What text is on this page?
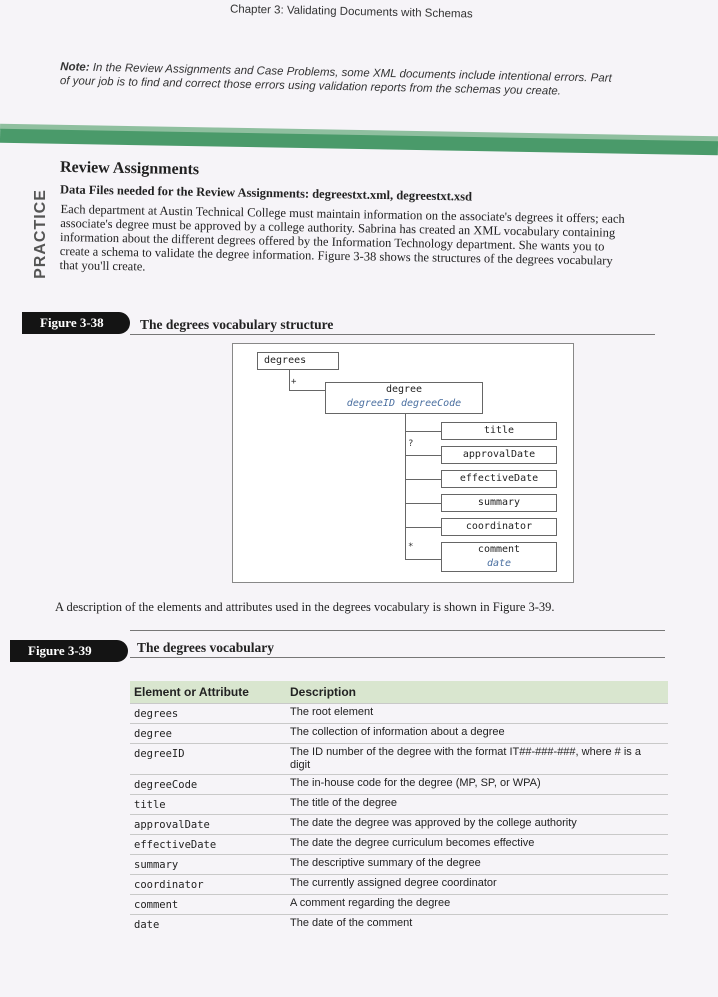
Chapter 3: Validating Documents with Schemas
Note: In the Review Assignments and Case Problems, some XML documents include intentional errors. Part of your job is to find and correct those errors using validation reports from the schemas you create.
PRACTICE
Review Assignments
Data Files needed for the Review Assignments: degreestxt.xml, degreestxt.xsd
Each department at Austin Technical College must maintain information on the associate's degrees it offers; each associate's degree must be approved by a college authority. Sabrina has created an XML vocabulary containing information about the different degrees offered by the Information Technology department. She wants you to create a schema to validate the degree information. Figure 3-38 shows the structures of the degrees vocabulary that you'll create.
Figure 3-38	The degrees vocabulary structure
degrees
+
degree
degreeID degreeCode
?
*
title
approvalDate
effectiveDate
summary
coordinator
comment
date
A description of the elements and attributes used in the degrees vocabulary is shown in Figure 3-39.
Figure 3-39	The degrees vocabulary
Element or Attribute	Description
degrees	The root element
degree	The collection of information about a degree
degreeID	The ID number of the degree with the format IT##-###-###, where # is a digit
degreeCode	The in-house code for the degree (MP, SP, or WPA)
title	The title of the degree
approvalDate	The date the degree was approved by the college authority
effectiveDate	The date the degree curriculum becomes effective
summary	The descriptive summary of the degree
coordinator	The currently assigned degree coordinator
comment	A comment regarding the degree
date	The date of the comment
